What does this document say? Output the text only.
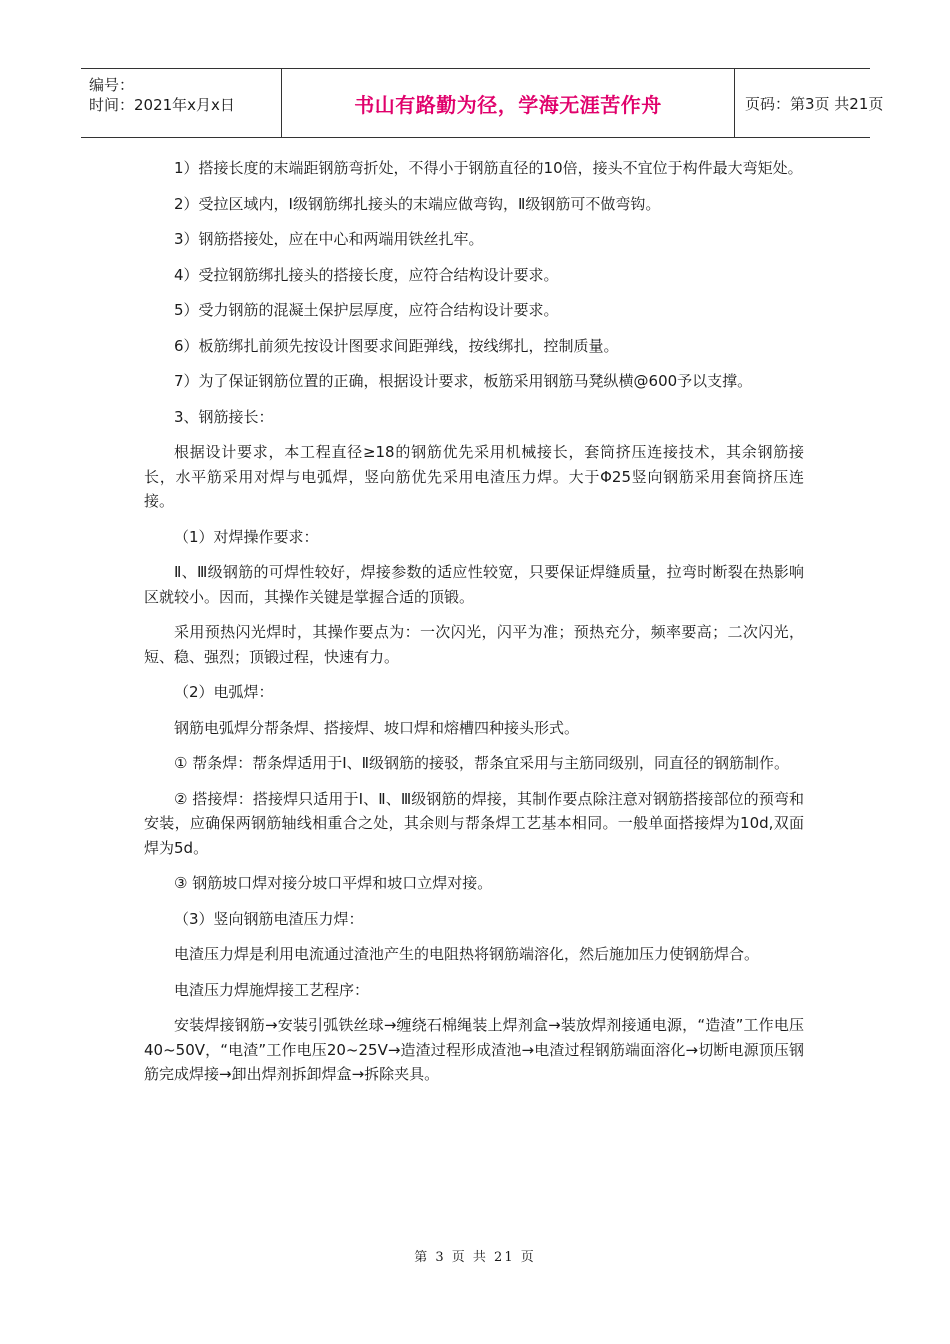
编号：
时间：2021年x月x日	书山有路勤为径，学海无涯苦作舟	页码：第3页 共21页

1）搭接长度的末端距钢筋弯折处，不得小于钢筋直径的10倍，接头不宜位于构件最大弯矩处。

2）受拉区域内，Ⅰ级钢筋绑扎接头的末端应做弯钩，Ⅱ级钢筋可不做弯钩。

3）钢筋搭接处，应在中心和两端用铁丝扎牢。

4）受拉钢筋绑扎接头的搭接长度，应符合结构设计要求。

5）受力钢筋的混凝土保护层厚度，应符合结构设计要求。

6）板筋绑扎前须先按设计图要求间距弹线，按线绑扎，控制质量。

7）为了保证钢筋位置的正确，根据设计要求，板筋采用钢筋马凳纵横@600予以支撑。

3、钢筋接长：

根据设计要求，本工程直径≥18的钢筋优先采用机械接长，套筒挤压连接技术，其余钢筋接长，水平筋采用对焊与电弧焊，竖向筋优先采用电渣压力焊。大于Φ25竖向钢筋采用套筒挤压连接。

（1）对焊操作要求：

Ⅱ、Ⅲ级钢筋的可焊性较好，焊接参数的适应性较宽，只要保证焊缝质量，拉弯时断裂在热影响区就较小。因而，其操作关键是掌握合适的顶锻。

采用预热闪光焊时，其操作要点为：一次闪光，闪平为准；预热充分，频率要高；二次闪光，短、稳、强烈；顶锻过程，快速有力。

（2）电弧焊：

钢筋电弧焊分帮条焊、搭接焊、坡口焊和熔槽四种接头形式。

① 帮条焊：帮条焊适用于Ⅰ、Ⅱ级钢筋的接驳，帮条宜采用与主筋同级别，同直径的钢筋制作。

② 搭接焊：搭接焊只适用于Ⅰ、Ⅱ、Ⅲ级钢筋的焊接，其制作要点除注意对钢筋搭接部位的预弯和安装，应确保两钢筋轴线相重合之处，其余则与帮条焊工艺基本相同。一般单面搭接焊为10d,双面焊为5d。

③ 钢筋坡口焊对接分坡口平焊和坡口立焊对接。

（3）竖向钢筋电渣压力焊：

电渣压力焊是利用电流通过渣池产生的电阻热将钢筋端溶化，然后施加压力使钢筋焊合。

电渣压力焊施焊接工艺程序：

安装焊接钢筋→安装引弧铁丝球→缠绕石棉绳装上焊剂盒→装放焊剂接通电源，“造渣”工作电压40~50V，“电渣”工作电压20~25V→造渣过程形成渣池→电渣过程钢筋端面溶化→切断电源顶压钢筋完成焊接→卸出焊剂拆卸焊盒→拆除夹具。

第 3 页 共 21 页
